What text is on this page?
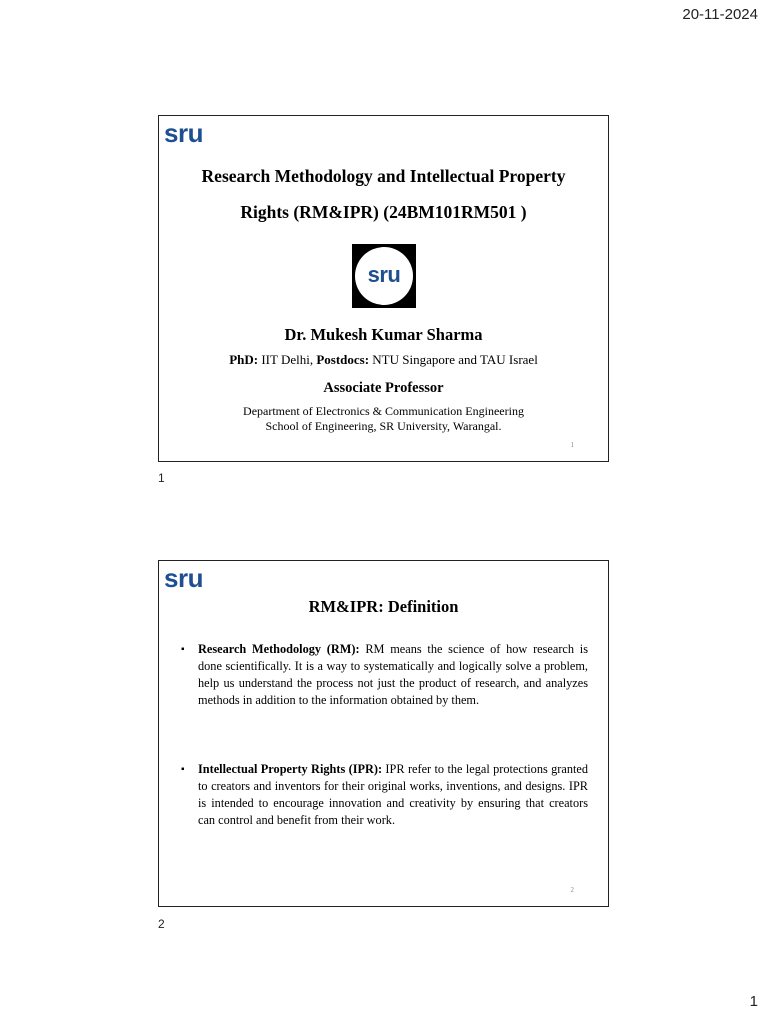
20-11-2024
sru
Research Methodology and Intellectual Property
Rights (RM&IPR) (24BM101RM501 )
sru
Dr. Mukesh Kumar Sharma
PhD: IIT Delhi, Postdocs: NTU Singapore and TAU Israel
Associate Professor
Department of Electronics & Communication Engineering
School of Engineering, SR University, Warangal.
1
1
sru
RM&IPR: Definition
▪ Research Methodology (RM): RM means the science of how research is done scientifically. It is a way to systematically and logically solve a problem, help us understand the process not just the product of research, and analyzes methods in addition to the information obtained by them.
▪ Intellectual Property Rights (IPR): IPR refer to the legal protections granted to creators and inventors for their original works, inventions, and designs. IPR is intended to encourage innovation and creativity by ensuring that creators can control and benefit from their work.
2
2
1
